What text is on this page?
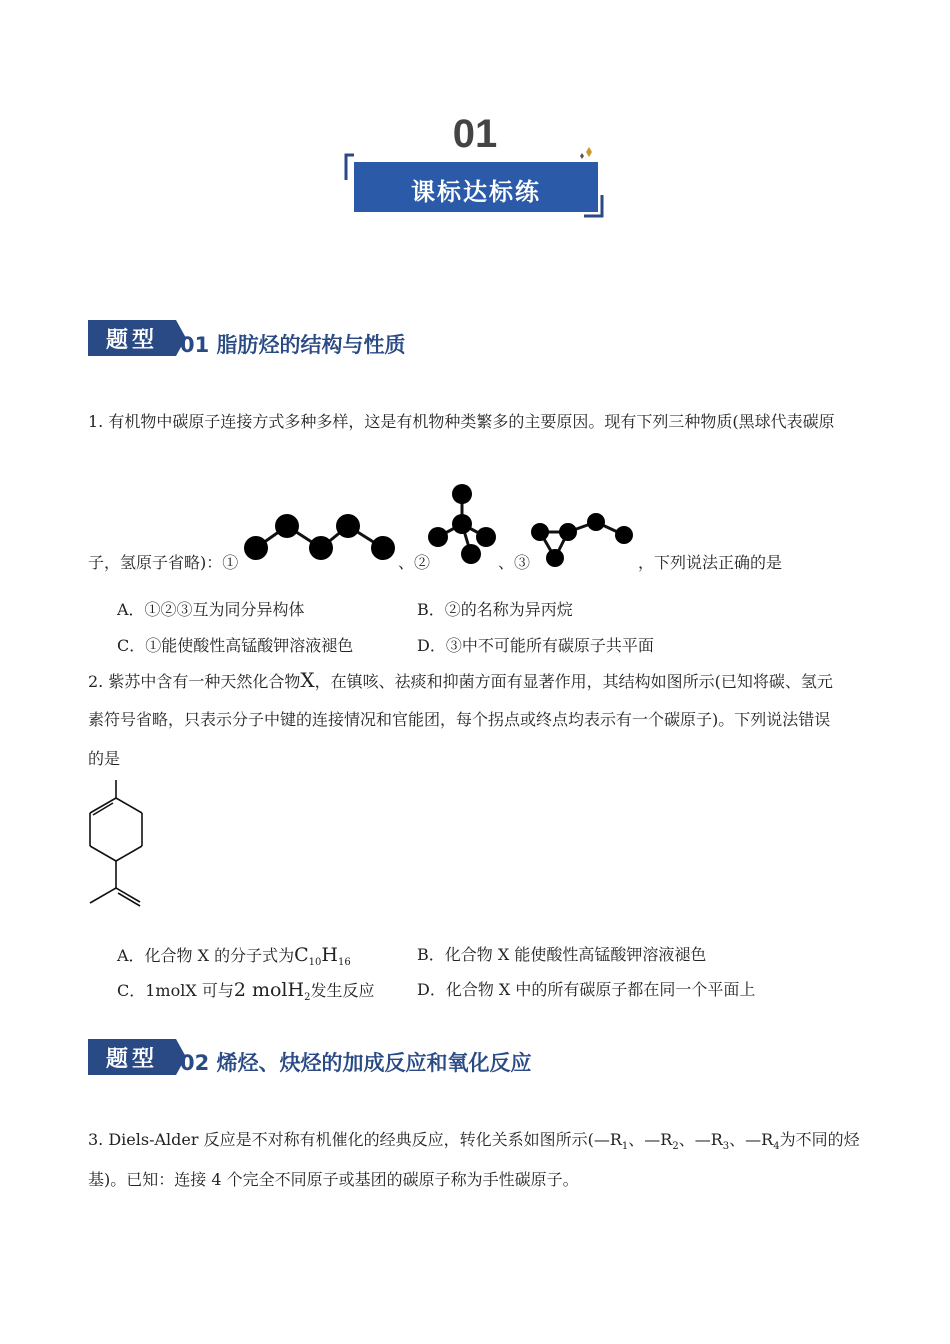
01
课标达标练
题型	01 脂肪烃的结构与性质
1. 有机物中碳原子连接方式多种多样，这是有机物种类繁多的主要原因。现有下列三种物质(黑球代表碳原
子，氢原子省略)：①	、②	、③	，下列说法正确的是
A．①②③互为同分异构体	B．②的名称为异丙烷
C．①能使酸性高锰酸钾溶液褪色	D．③中不可能所有碳原子共平面
2. 紫苏中含有一种天然化合物X，在镇咳、祛痰和抑菌方面有显著作用，其结构如图所示(已知将碳、氢元
素符号省略，只表示分子中键的连接情况和官能团，每个拐点或终点均表示有一个碳原子)。下列说法错误
的是
A．化合物 X 的分子式为$C_{10}H_{16}$	B．化合物 X 能使酸性高锰酸钾溶液褪色
C．1molX 可与2 molH$_2$发生反应	D．化合物 X 中的所有碳原子都在同一个平面上
题型	02 烯烃、炔烃的加成反应和氧化反应
3. Diels-Alder 反应是不对称有机催化的经典反应，转化关系如图所示($—R_1$、$—R_2$、$—R_3$、$—R_4$为不同的烃
基)。已知：连接 4 个完全不同原子或基团的碳原子称为手性碳原子。
